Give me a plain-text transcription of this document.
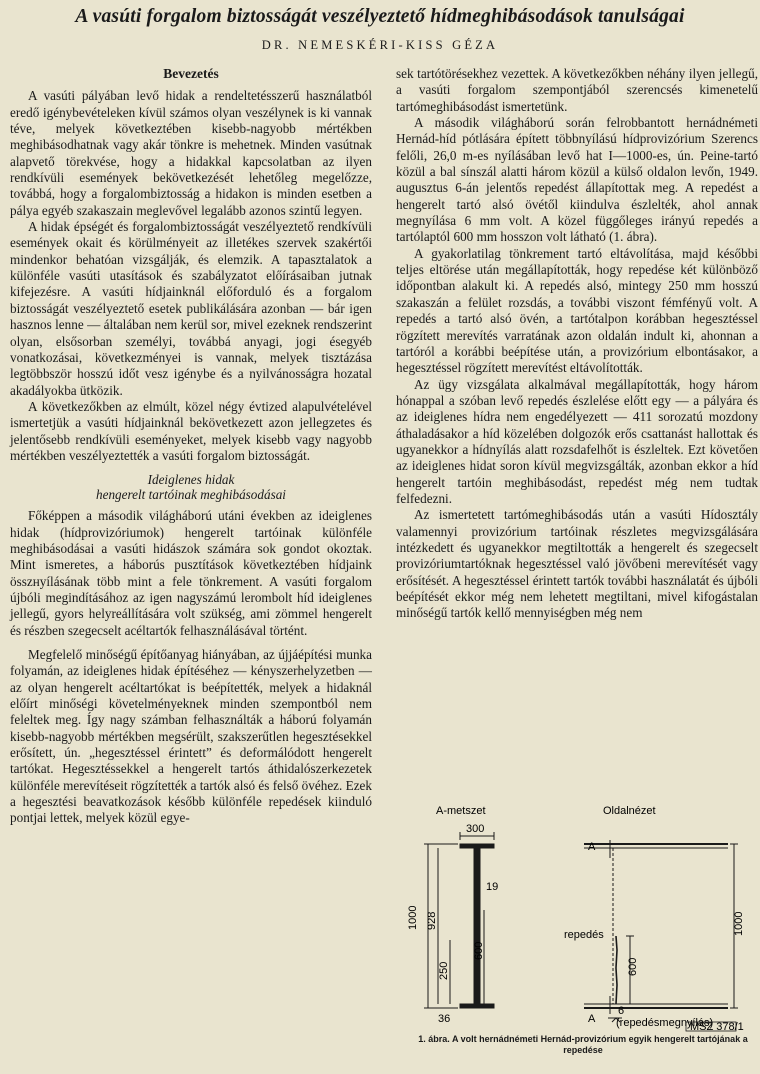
A vasúti forgalom biztosságát veszélyeztető hídmeghibásodások tanulságai
DR. NEMESKÉRI-KISS GÉZA
Bevezetés

A vasúti pályában levő hidak a rendeltetésszerű használatból eredő igénybevételeken kívül számos olyan veszélynek is ki vannak téve, melyek következtében kisebb-nagyobb mértékben meghibásodhatnak vagy akár tönkre is mehetnek. Minden vasútnak alapvető törekvése, hogy a hidakkal kapcsolatban az ilyen rendkívüli események bekövetkezését lehetőleg megelőzze, továbbá, hogy a forgalombiztosság a hidakon is minden esetben a pálya egyéb szakaszain meglevővel legalább azonos szintű legyen.

A hidak épségét és forgalombiztosságát veszélyeztető rendkívüli események okait és körülményeit az illetékes szervek szakértői mindenkor behatóan vizsgálják, és elemzik. A tapasztalatok a különféle vasúti utasítások és szabályzatot előírásaiban jutnak kifejezésre. A vasúti hídjainknál előforduló és a forgalom biztosságát veszélyeztető esetek publikálására azonban — bár igen hasznos lenne — általában nem kerül sor, mivel ezeknek rendszerint olyan, elsősorban személyi, továbbá anyagi, jogi ésegyéb vonatkozásai, következményei is vannak, melyek tisztázása legtöbbször hosszú időt vesz igénybe és a nyilvánosságra hozatal akadályokba ütközik.

A következőkben az elmúlt, közel négy évtized alapulvételével ismertetjük a vasúti hídjainknál bekövetkezett azon jellegzetes és jelentősebb rendkívüli eseményeket, melyek kisebb vagy nagyobb mértékben veszélyeztették a vasúti forgalom biztosságát.

Ideiglenes hidak
hengerelt tartóinak meghibásodásai

Főképpen a második világháború utáni években az ideiglenes hidak (hídprovizóriumok) hengerelt tartóinak különféle meghibásodásai a vasúti hidászok számára sok gondot okoztak. Mint ismeretes, a háborús pusztítások következtében hídjaink összнyílásának több mint a fele tönkrement. A vasúti forgalom újbóli megindításához az igen nagyszámú lerombolt híd ideiglenes jellegű, gyors helyreállítására volt szükség, ami zömmel hengerelt és részben szegecselt acéltartók felhasználásával történt.

Megfelelő minőségű építőanyag hiányában, az újjáépítési munka folyamán, az ideiglenes hidak építéséhez — kényszerhelyzetben — az olyan hengerelt acéltartókat is beépítették, melyek a hidaknál előírt minőségi követelményeknek minden szempontból nem feleltek meg. Így nagy számban felhasználták a háború folyamán kisebb-nagyobb mértékben megsérült, szakszerűtlen hegesztésekkel erősített, ún. „hegesztéssel érintett” és deformálódott hengerelt tartókat. Hegesztéssekkel a hengerelt tartós áthidalószerkezetek különféle merevítéseit rögzítették a tartók alsó és felső övéhez. Ezek a hegesztési beavatkozások később különféle repedések kiinduló pontjai lettek, melyek közül egye-

sek tartótörésekhez vezettek. A következőkben néhány ilyen jellegű, a vasúti forgalom szempontjából szerencsés kimenetelű tartómeghibásodást ismertetünk.

A második világháború során felrobbantott hernádnémeti Hernád-híd pótlására épített többnyílású hídprovizórium Szerencs felőli, 26,0 m-es nyílásában levő hat I—1000-es, ún. Peine-tartó közül a bal sínszál alatti három közül a külső oldalon levőn, 1949. augusztus 6-án jelentős repedést állapítottak meg. A repedést a hengerelt tartó alsó övétől kiindulva észlelték, ahol annak megnyílása 6 mm volt. A közel függőleges irányú repedés a tartólaptól 600 mm hosszon volt látható (1. ábra).

A gyakorlatilag tönkrement tartó eltávolítása, majd későbbi teljes eltörése után megállapították, hogy repedése két különböző időpontban alakult ki. A repedés alsó, mintegy 250 mm hosszú szakaszán a felület rozsdás, a további viszont fémfényű volt. A repedés a tartó alsó övén, a tartótalpon korábban hegesztéssel rögzített merevítés varratának azon oldalán indult ki, ahonnan a tartóról a korábbi beépítése után, a provizórium elbontásakor, a hegesztéssel rögzített merevítést eltávolították.

Az ügy vizsgálata alkalmával megállapították, hogy három hónappal a szóban levő repedés észlelése előtt egy — a pályára és az ideiglenes hídra nem engedélyezett — 411 sorozatú mozdony áthaladásakor a híd közelében dolgozók erős csattanást hallottak és ugyanekkor a hídnyílás alatt rozsdafelhőt is észleltek. Ezt követően az ideiglenes hidat soron kívül megvizsgálták, azonban ekkor a híd hengerelt tartóin meghibásodást, repedést még nem tudtak felfedezni.

Az ismertetett tartómeghibásodás után a vasúti Hídosztály valamennyi provizórium tartóinak részletes megvizsgálására intézkedett és ugyanekkor megtiltották a hengerelt és szegecselt provizóriumtartóknak hegesztéssel való jövőbeni merevítését vagy erősítését. A hegesztéssel érintett tartók további használatát és újbóli beépítését ekkor még nem lehetett megtiltani, mivel kifogástalan minőségű tartók kellő mennyiségben még nem

A-metszet	Oldalnézet
300
1000 928
250
600
19
36
A
A
repedés
600
1000
6
(repedésmegnyílás)
MSZ 378/1
1. ábra. A volt hernádnémeti Hernád-provizórium egyik hengerelt tartójának a repedése
